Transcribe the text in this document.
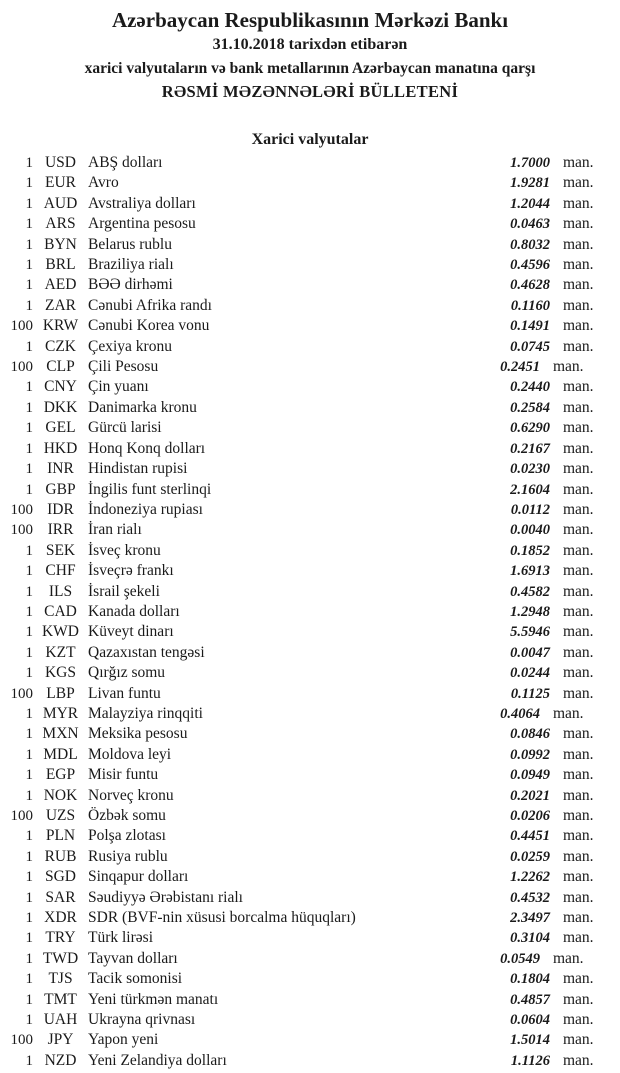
Azərbaycan Respublikasının Mərkəzi Bankı
31.10.2018 tarixdən etibarən
xarici valyutaların və bank metallarının Azərbaycan manatına qarşı
RƏSMİ MƏZƏNNƏLƏRİ BÜLLETENİ
Xarici valyutalar
1 USD ABŞ dolları	1.7000 man.
1 EUR Avro	1.9281 man.
1 AUD Avstraliya dolları	1.2044 man.
1 ARS Argentina pesosu	0.0463 man.
1 BYN Belarus rublu	0.8032 man.
1 BRL Braziliya rialı	0.4596 man.
1 AED BƏƏ dirhəmi	0.4628 man.
1 ZAR Cənubi Afrika randı	0.1160 man.
100 KRW Cənubi Korea vonu	0.1491 man.
1 CZK Çexiya kronu	0.0745 man.
100 CLP Çili Pesosu	0.2451 man.
1 CNY Çin yuanı	0.2440 man.
1 DKK Danimarka kronu	0.2584 man.
1 GEL Gürcü larisi	0.6290 man.
1 HKD Honq Konq dolları	0.2167 man.
1 INR Hindistan rupisi	0.0230 man.
1 GBP İngilis funt sterlinqi	2.1604 man.
100 IDR İndoneziya rupiası	0.0112 man.
100 IRR İran rialı	0.0040 man.
1 SEK İsveç kronu	0.1852 man.
1 CHF İsveçrə frankı	1.6913 man.
1	ILS	İsrail şekeli	0.4582 man.
1 CAD Kanada dolları	1.2948 man.
1 KWD Küveyt dinarı	5.5946 man.
1 KZT Qazaxıstan tengəsi	0.0047 man.
1 KGS Qırğız somu	0.0244 man.
100 LBP Livan funtu	0.1125 man.
1 MYR Malayziya rinqqiti	0.4064 man.
1 MXN Meksika pesosu	0.0846 man.
1 MDL Moldova leyi	0.0992 man.
1 EGP Misir funtu	0.0949 man.
1 NOK Norveç kronu	0.2021 man.
100 UZS Özbək somu	0.0206 man.
1 PLN Polşa zlotası	0.4451 man.
1 RUB Rusiya rublu	0.0259 man.
1 SGD Sinqapur dolları	1.2262 man.
1 SAR Səudiyyə Ərəbistanı rialı	0.4532 man.
1 XDR SDR (BVF-nin xüsusi borcalma hüquqları)	2.3497 man.
1 TRY Türk lirəsi	0.3104 man.
1 TWD Tayvan dolları	0.0549 man.
1 TJS Tacik somonisi	0.1804 man.
1 TMT Yeni türkmən manatı	0.4857 man.
1 UAH Ukrayna qrivnası	0.0604 man.
100 JPY Yapon yeni	1.5014 man.
1 NZD Yeni Zelandiya dolları	1.1126 man.
